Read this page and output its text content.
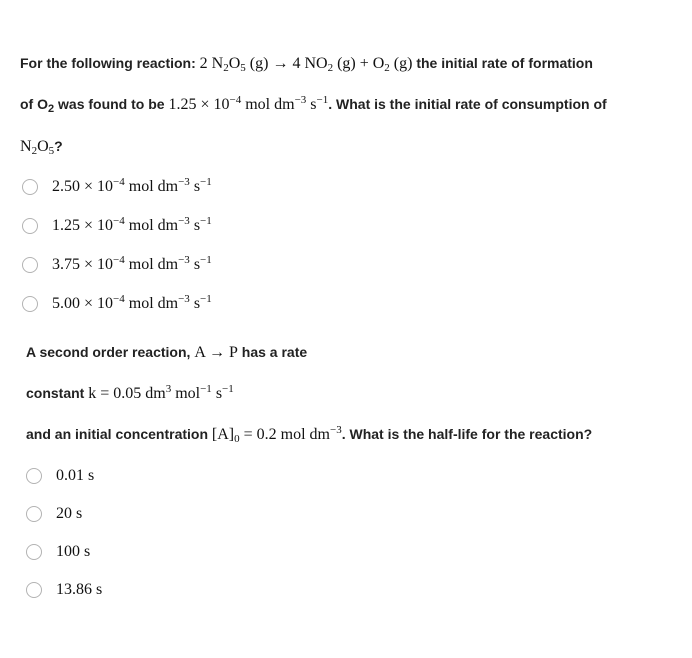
For the following reaction: 2 $N_2O_5$ (g) → 4 $NO_2$ $(g) + O_2$ (g) the initial rate of formation
of $O_2$ was found to be $1.25 \times 10^{-4}$ mol $dm^{-3}$ $s^{-1}$. What is the initial rate of consumption of
$N_2O_5$?
$2.50 \times 10^{-4}$ mol $dm^{-3}$ $s^{-1}$
$1.25 \times 10^{-4}$ mol $dm^{-3}$ $s^{-1}$
$3.75 \times 10^{-4}$ mol $dm^{-3}$ $s^{-1}$
$5.00 \times 10^{-4}$ mol $dm^{-3}$ $s^{-1}$
A second order reaction, A → P has a rate
constant k = 0.05 $dm^3$ mol$^{-1}$ $s^{-1}$
and an initial concentration $[A]_0 = 0.2$ mol $dm^{-3}$. What is the half-life for the reaction?
0.01 s
20 s
100 s
13.86 s
